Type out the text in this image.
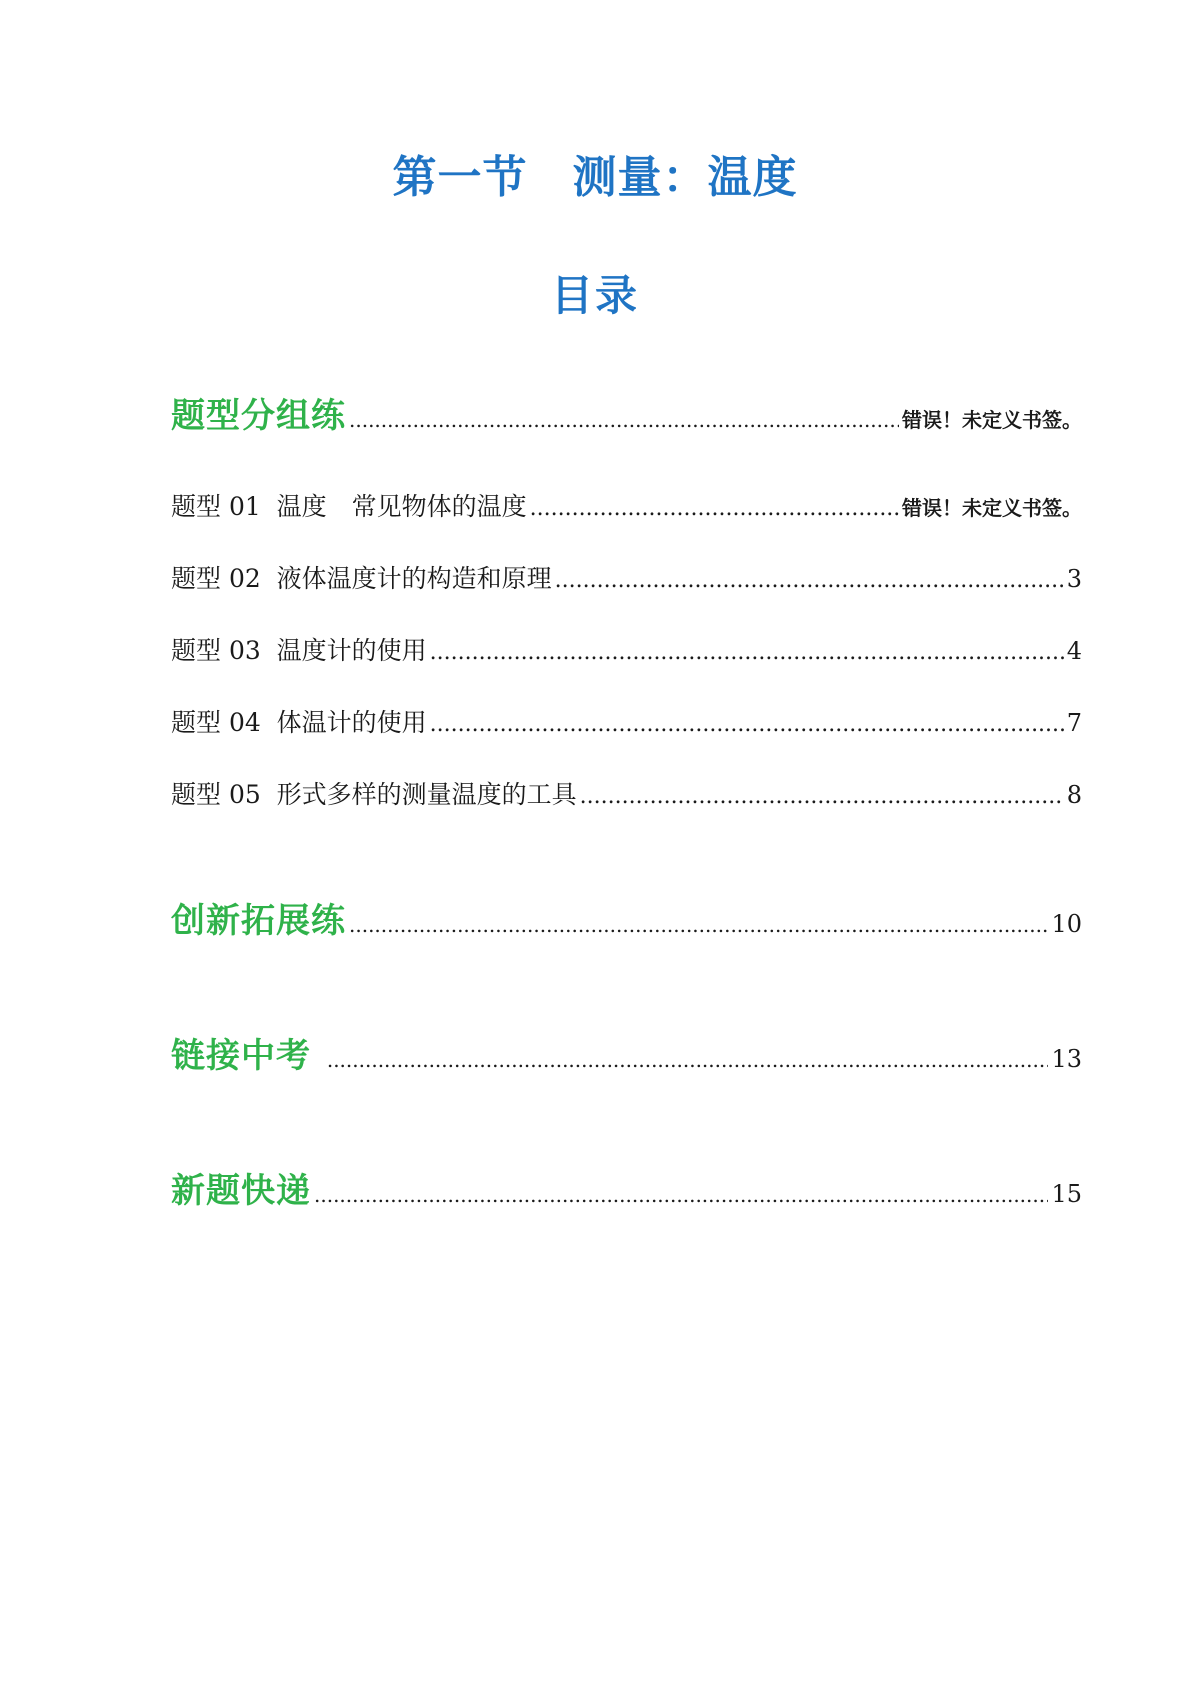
第一节　测量：温度
目录
题型分组练 .....	错误！未定义书签。
题型 01  温度　常见物体的温度 .....	错误！未定义书签。
题型 02  液体温度计的构造和原理 .....	3
题型 03  温度计的使用 .....	4
题型 04  体温计的使用 .....	7
题型 05  形式多样的测量温度的工具 .....	8
创新拓展练 .....	10
链接中考 .....	13
新题快递 .....	15
